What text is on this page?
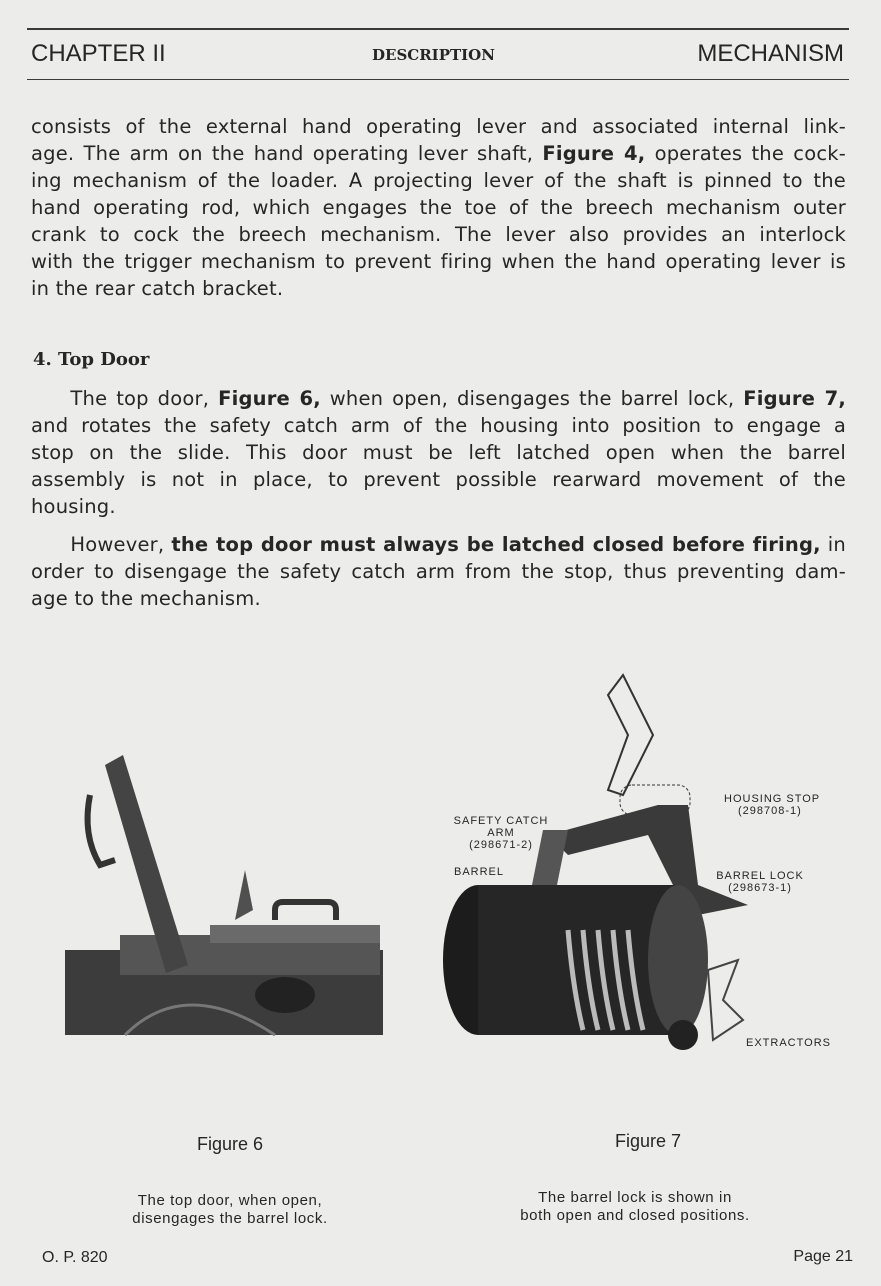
CHAPTER II	DESCRIPTION	MECHANISM
consists of the external hand operating lever and associated internal link-
age. The arm on the hand operating lever shaft, Figure 4, operates the cock-
ing mechanism of the loader. A projecting lever of the shaft is pinned to the
hand operating rod, which engages the toe of the breech mechanism outer
crank to cock the breech mechanism. The lever also provides an interlock
with the trigger mechanism to prevent firing when the hand operating lever is
in the rear catch bracket.
4. Top Door
  The top door, Figure 6, when open, disengages the barrel lock, Figure 7,
and rotates the safety catch arm of the housing into position to engage a
stop on the slide. This door must be left latched open when the barrel
assembly is not in place, to prevent possible rearward movement of the
housing.
  However, the top door must always be latched closed before firing, in
order to disengage the safety catch arm from the stop, thus preventing dam-
age to the mechanism.
HOUSING STOP
(298708-1)
SAFETY CATCH
ARM
(298671-2)
BARREL	BARREL LOCK
(298673-1)
EXTRACTORS
Figure 6
The top door, when open,
disengages the barrel lock.
Figure 7
The barrel lock is shown in
both open and closed positions.
O. P. 820	Page 21
